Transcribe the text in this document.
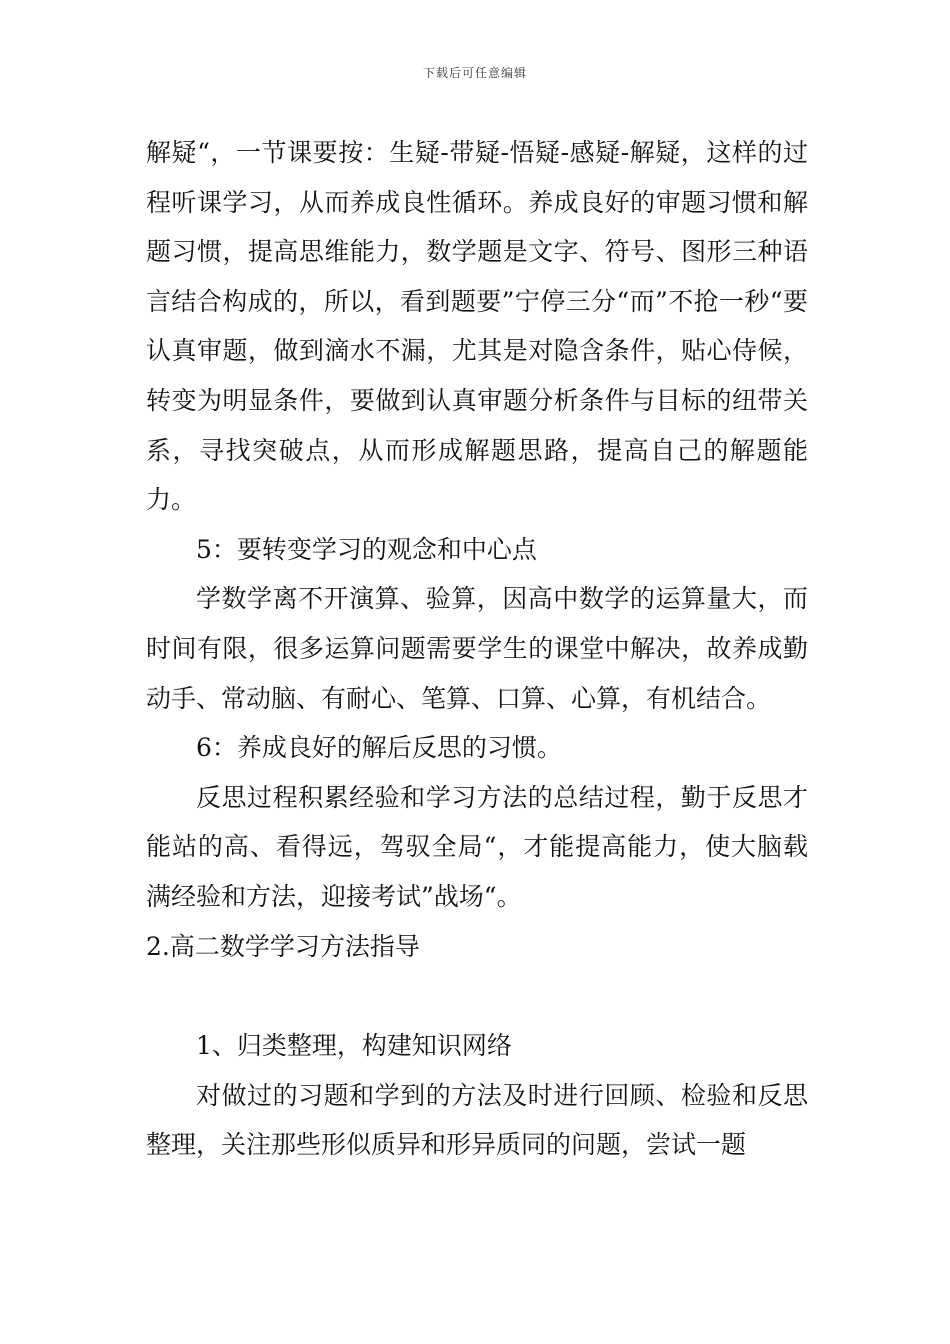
下载后可任意编辑

解疑“，一节课要按：生疑-带疑-悟疑-感疑-解疑，这样的过程听课学习，从而养成良性循环。养成良好的审题习惯和解题习惯，提高思维能力，数学题是文字、符号、图形三种语言结合构成的，所以，看到题要”宁停三分“而”不抢一秒“要认真审题，做到滴水不漏，尤其是对隐含条件，贴心侍候，转变为明显条件，要做到认真审题分析条件与目标的纽带关系，寻找突破点，从而形成解题思路，提高自己的解题能力。

5：要转变学习的观念和中心点

学数学离不开演算、验算，因高中数学的运算量大，而时间有限，很多运算问题需要学生的课堂中解决，故养成勤动手、常动脑、有耐心、笔算、口算、心算，有机结合。

6：养成良好的解后反思的习惯。

反思过程积累经验和学习方法的总结过程，勤于反思才能站的高、看得远，驾驭全局“，才能提高能力，使大脑载满经验和方法，迎接考试”战场“。

2.高二数学学习方法指导

1、归类整理，构建知识网络

对做过的习题和学到的方法及时进行回顾、检验和反思整理，关注那些形似质异和形异质同的问题，尝试一题
